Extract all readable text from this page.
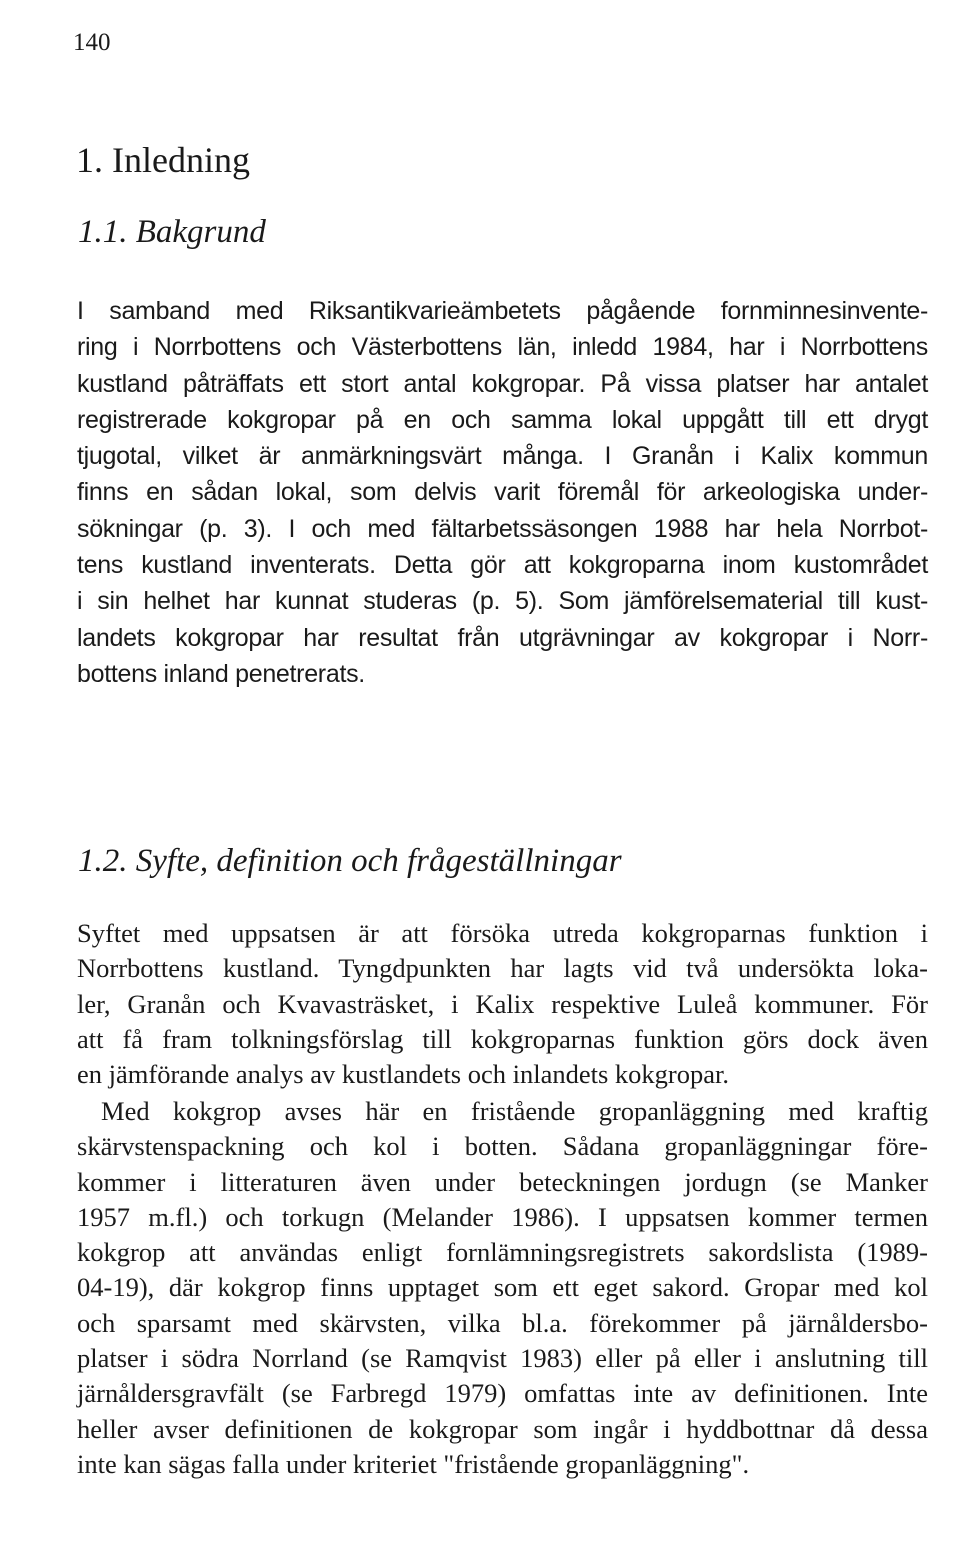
140
1. Inledning
1.1. Bakgrund

I samband med Riksantikvarieämbetets pågående fornminnesinvente-
ring i Norrbottens och Västerbottens län, inledd 1984, har i Norrbottens
kustland påträffats ett stort antal kokgropar. På vissa platser har antalet
registrerade kokgropar på en och samma lokal uppgått till ett drygt
tjugotal, vilket är anmärkningsvärt många. I Granån i Kalix kommun
finns en sådan lokal, som delvis varit föremål för arkeologiska under-
sökningar (p. 3). I och med fältarbetssäsongen 1988 har hela Norrbot-
tens kustland inventerats. Detta gör att kokgroparna inom kustområdet
i sin helhet har kunnat studeras (p. 5). Som jämförelsematerial till kust-
landets kokgropar har resultat från utgrävningar av kokgropar i Norr-
bottens inland penetrerats.

1.2. Syfte, definition och frågeställningar

Syftet med uppsatsen är att försöka utreda kokgroparnas funktion i
Norrbottens kustland. Tyngdpunkten har lagts vid två undersökta loka-
ler, Granån och Kvavasträsket, i Kalix respektive Luleå kommuner. För
att få fram tolkningsförslag till kokgroparnas funktion görs dock även
en jämförande analys av kustlandets och inlandets kokgropar.

Med kokgrop avses här en fristående gropanläggning med kraftig
skärvstenspackning och kol i botten. Sådana gropanläggningar före-
kommer i litteraturen även under beteckningen jordugn (se Manker
1957 m.fl.) och torkugn (Melander 1986). I uppsatsen kommer termen
kokgrop att användas enligt fornlämningsregistrets sakordslista (1989-
04-19), där kokgrop finns upptaget som ett eget sakord. Gropar med kol
och sparsamt med skärvsten, vilka bl.a. förekommer på järnåldersbo-
platser i södra Norrland (se Ramqvist 1983) eller på eller i anslutning till
järnåldersgravfält (se Farbregd 1979) omfattas inte av definitionen. Inte
heller avser definitionen de kokgropar som ingår i hyddbottnar då dessa
inte kan sägas falla under kriteriet "fristående gropanläggning".
